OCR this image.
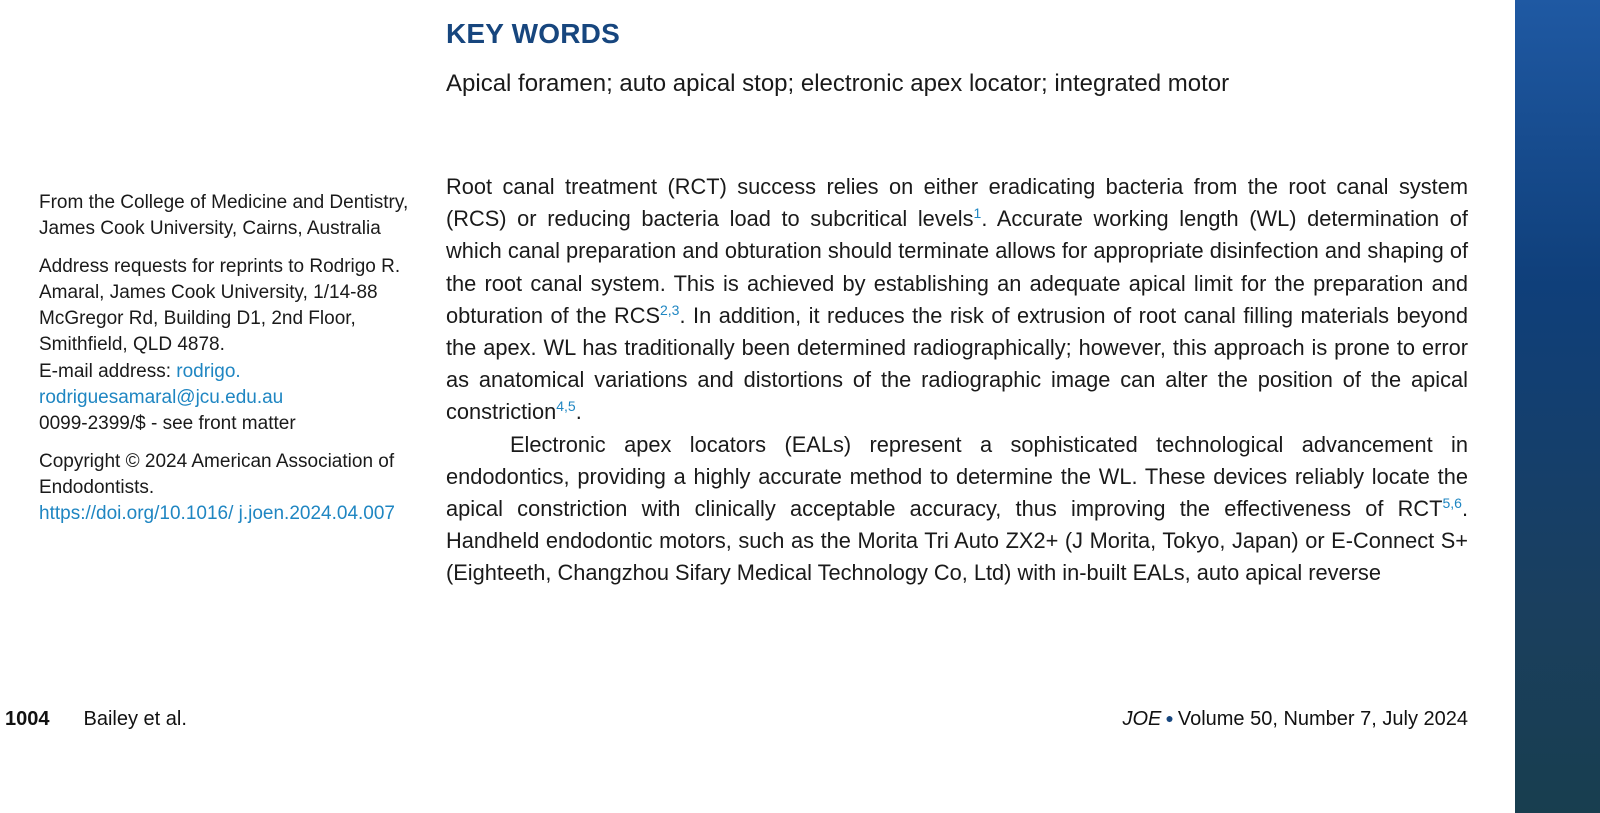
KEY WORDS

Apical foramen; auto apical stop; electronic apex locator; integrated motor

From the College of Medicine and Dentistry, James Cook University, Cairns, Australia

Address requests for reprints to Rodrigo R. Amaral, James Cook University, 1/14-88 McGregor Rd, Building D1, 2nd Floor, Smithfield, QLD 4878.

E-mail address: rodrigo. rodriguesamaral@jcu.edu.au

0099-2399/$ - see front matter

Copyright © 2024 American Association of Endodontists.

https://doi.org/10.1016/ j.joen.2024.04.007

Root canal treatment (RCT) success relies on either eradicating bacteria from the root canal system (RCS) or reducing bacteria load to subcritical levels$^1$. Accurate working length (WL) determination of which canal preparation and obturation should terminate allows for appropriate disinfection and shaping of the root canal system. This is achieved by establishing an adequate apical limit for the preparation and obturation of the RCS$^{2,3}$. In addition, it reduces the risk of extrusion of root canal filling materials beyond the apex. WL has traditionally been determined radiographically; however, this approach is prone to error as anatomical variations and distortions of the radiographic image can alter the position of the apical constriction$^{4,5}$.

Electronic apex locators (EALs) represent a sophisticated technological advancement in endodontics, providing a highly accurate method to determine the WL. These devices reliably locate the apical constriction with clinically acceptable accuracy, thus improving the effectiveness of RCT$^{5,6}$. Handheld endodontic motors, such as the Morita Tri Auto ZX2+ (J Morita, Tokyo, Japan) or E-Connect S+ (Eighteeth, Changzhou Sifary Medical Technology Co, Ltd) with in-built EALs, auto apical reverse

1004 Bailey et al.	JOE ● Volume 50, Number 7, July 2024
